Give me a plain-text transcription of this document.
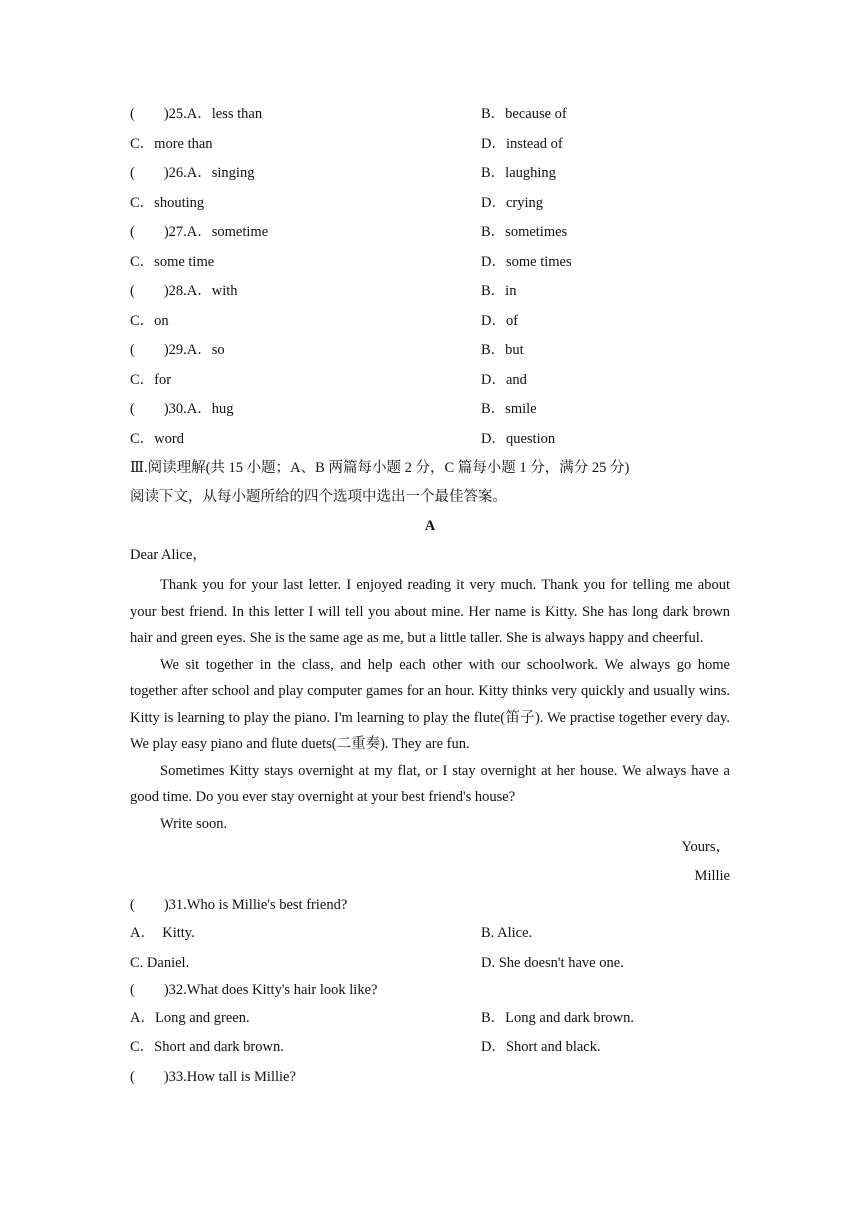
(　　)25.A．less than	B．because of
C．more than	D．instead of
(　　)26.A．singing	B．laughing
C．shouting	D．crying
(　　)27.A．sometime	B．sometimes
C．some time	D．some times
(　　)28.A．with	B．in
C．on	D．of
(　　)29.A．so	B．but
C．for	D．and
(　　)30.A．hug	B．smile
C．word	D．question
Ⅲ.阅读理解(共 15 小题；A、B 两篇每小题 2 分，C 篇每小题 1 分，满分 25 分)
阅读下文，从每小题所给的四个选项中选出一个最佳答案。
A
Dear Alice，

Thank you for your last letter. I enjoyed reading it very much. Thank you for telling me about your best friend. In this letter I will tell you about mine. Her name is Kitty. She has long dark brown hair and green eyes. She is the same age as me, but a little taller. She is always happy and cheerful.

We sit together in the class, and help each other with our schoolwork. We always go home together after school and play computer games for an hour. Kitty thinks very quickly and usually wins. Kitty is learning to play the piano. I'm learning to play the flute(笛子). We practise together every day. We play easy piano and flute duets(二重奏). They are fun.

Sometimes Kitty stays overnight at my flat, or I stay overnight at her house. We always have a good time. Do you ever stay overnight at your best friend's house?

Write soon.

Yours，
Millie
(　　)31.Who is Millie's best friend?
A．  Kitty.	B. Alice.
C. Daniel.	D. She doesn't have one.
(　　)32.What does Kitty's hair look like?
A．Long and green.	B．Long and dark brown.
C．Short and dark brown.	D．Short and black.
(　　)33.How tall is Millie?
